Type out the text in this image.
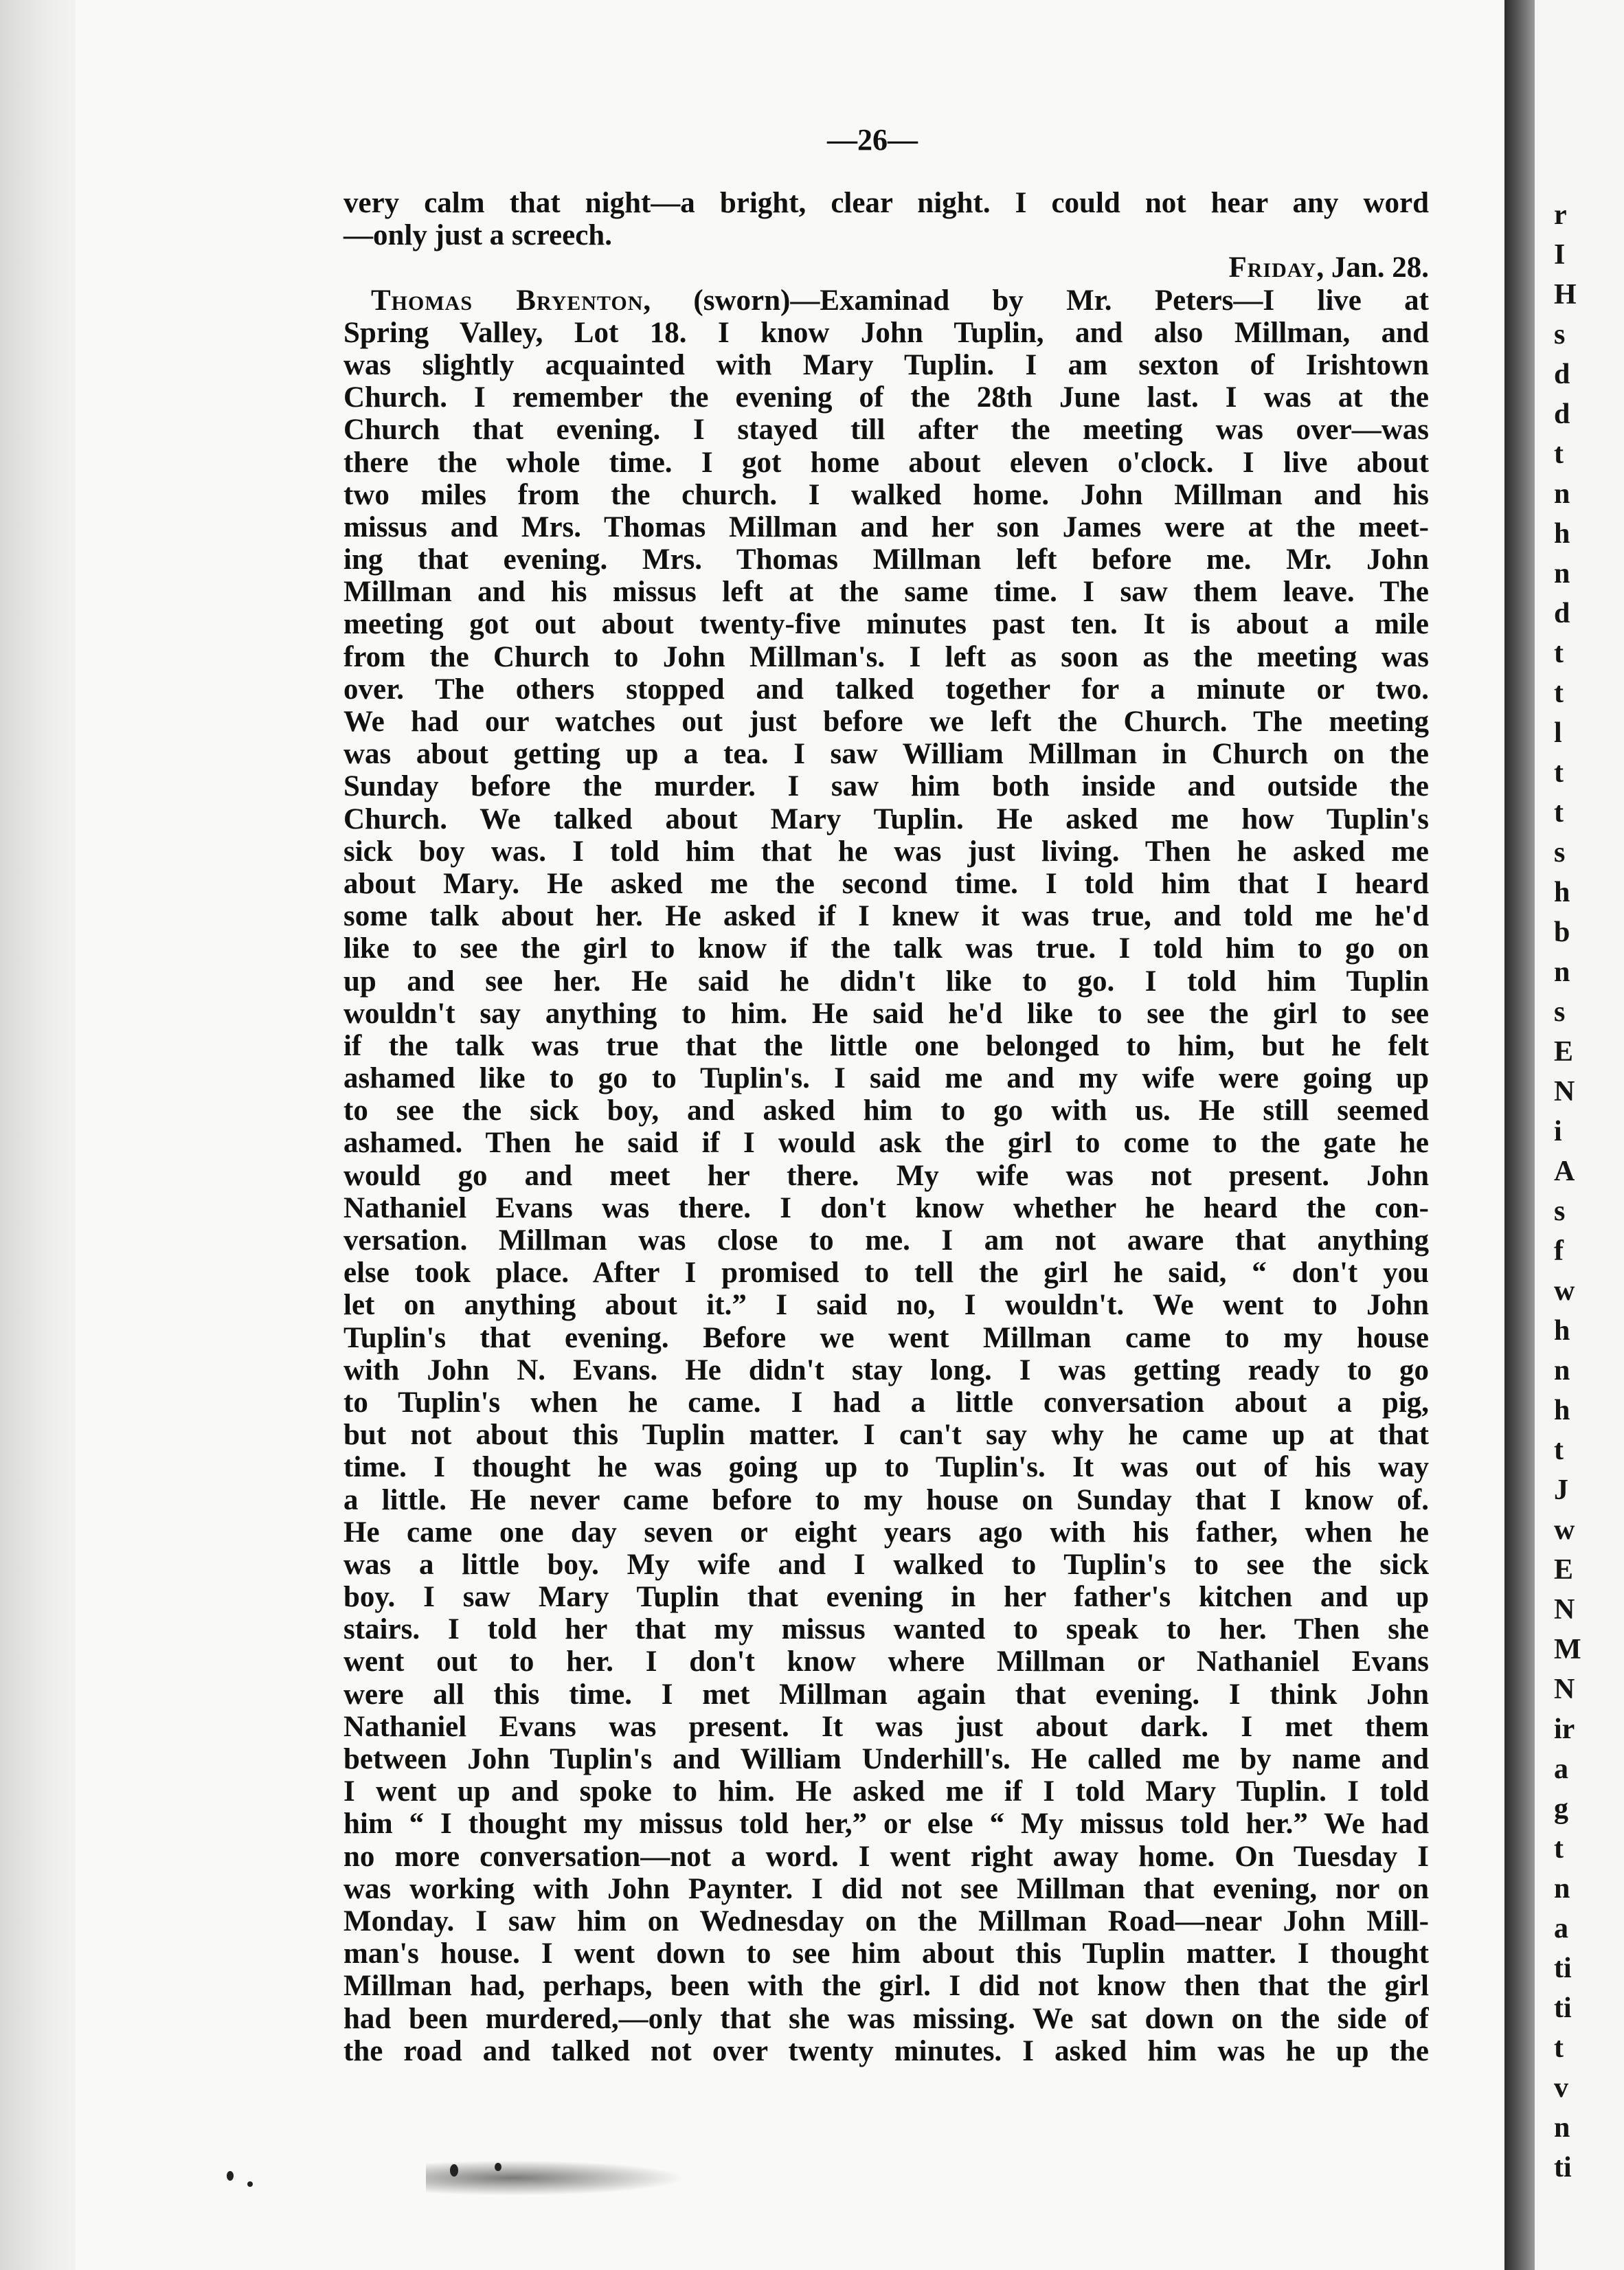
r
I
H
s
d
d
t
n
h
n
d
t
t
l
t
t
s
h
b
n
s
E
N
i
A
s
f
w
h
n
h
t
J
w
E
N
M
N
ir
a
g
t
n
a
ti
ti
t
v
n
ti
—26—
very calm that night—a bright, clear night. I could not hear any word
—only just a screech.
Friday, Jan. 28.
Thomas Bryenton, (sworn)—Examinad by Mr. Peters—I live at
Spring Valley, Lot 18. I know John Tuplin, and also Millman, and
was slightly acquainted with Mary Tuplin. I am sexton of Irishtown
Church. I remember the evening of the 28th June last. I was at the
Church that evening. I stayed till after the meeting was over—was
there the whole time. I got home about eleven o'clock. I live about
two miles from the church. I walked home. John Millman and his
missus and Mrs. Thomas Millman and her son James were at the meet-
ing that evening. Mrs. Thomas Millman left before me. Mr. John
Millman and his missus left at the same time. I saw them leave. The
meeting got out about twenty-five minutes past ten. It is about a mile
from the Church to John Millman's. I left as soon as the meeting was
over. The others stopped and talked together for a minute or two.
We had our watches out just before we left the Church. The meeting
was about getting up a tea. I saw William Millman in Church on the
Sunday before the murder. I saw him both inside and outside the
Church. We talked about Mary Tuplin. He asked me how Tuplin's
sick boy was. I told him that he was just living. Then he asked me
about Mary. He asked me the second time. I told him that I heard
some talk about her. He asked if I knew it was true, and told me he'd
like to see the girl to know if the talk was true. I told him to go on
up and see her. He said he didn't like to go. I told him Tuplin
wouldn't say anything to him. He said he'd like to see the girl to see
if the talk was true that the little one belonged to him, but he felt
ashamed like to go to Tuplin's. I said me and my wife were going up
to see the sick boy, and asked him to go with us. He still seemed
ashamed. Then he said if I would ask the girl to come to the gate he
would go and meet her there. My wife was not present. John
Nathaniel Evans was there. I don't know whether he heard the con-
versation. Millman was close to me. I am not aware that anything
else took place. After I promised to tell the girl he said, “ don't you
let on anything about it.” I said no, I wouldn't. We went to John
Tuplin's that evening. Before we went Millman came to my house
with John N. Evans. He didn't stay long. I was getting ready to go
to Tuplin's when he came. I had a little conversation about a pig,
but not about this Tuplin matter. I can't say why he came up at that
time. I thought he was going up to Tuplin's. It was out of his way
a little. He never came before to my house on Sunday that I know of.
He came one day seven or eight years ago with his father, when he
was a little boy. My wife and I walked to Tuplin's to see the sick
boy. I saw Mary Tuplin that evening in her father's kitchen and up
stairs. I told her that my missus wanted to speak to her. Then she
went out to her. I don't know where Millman or Nathaniel Evans
were all this time. I met Millman again that evening. I think John
Nathaniel Evans was present. It was just about dark. I met them
between John Tuplin's and William Underhill's. He called me by name and
I went up and spoke to him. He asked me if I told Mary Tuplin. I told
him “ I thought my missus told her,” or else “ My missus told her.” We had
no more conversation—not a word. I went right away home. On Tuesday I
was working with John Paynter. I did not see Millman that evening, nor on
Monday. I saw him on Wednesday on the Millman Road—near John Mill-
man's house. I went down to see him about this Tuplin matter. I thought
Millman had, perhaps, been with the girl. I did not know then that the girl
had been murdered,—only that she was missing. We sat down on the side of
the road and talked not over twenty minutes. I asked him was he up the
